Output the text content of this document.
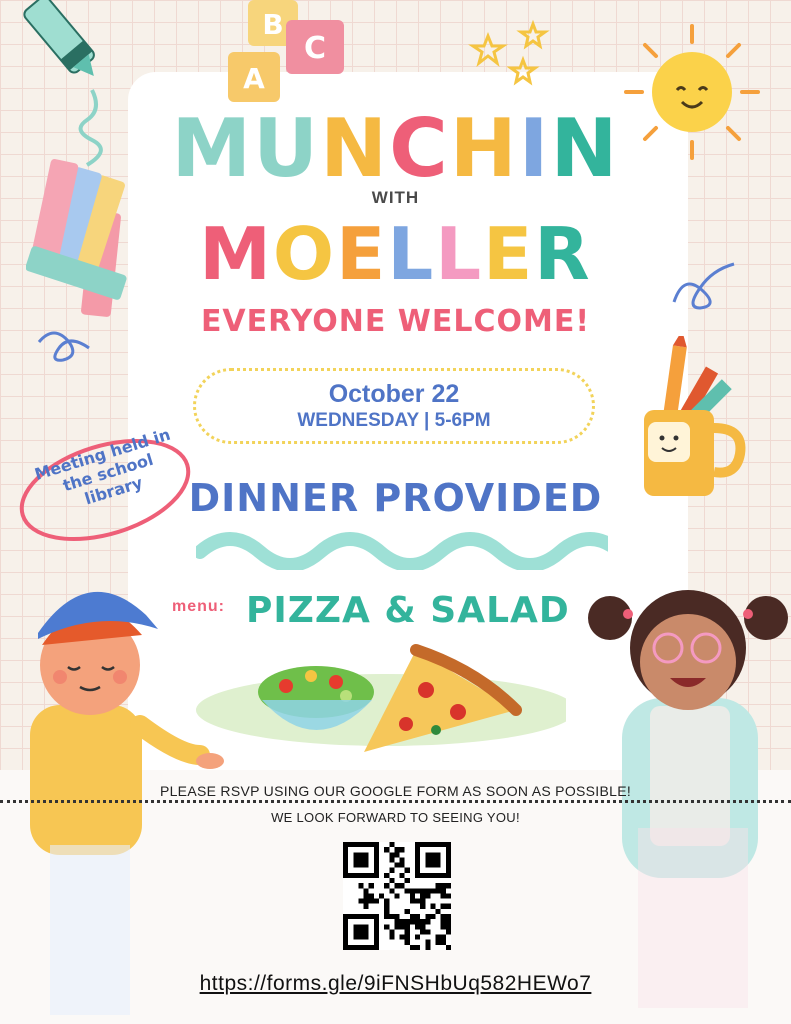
B
A
C
MUNCHIN
WITH
MOELLER
EVERYONE WELCOME!
October 22
WEDNESDAY | 5-6PM
Meeting held in the school library	DINNER PROVIDED
menu: PIZZA & SALAD
PLEASE RSVP USING OUR GOOGLE FORM AS SOON AS POSSIBLE!
WE LOOK FORWARD TO SEEING YOU!
https://forms.gle/9iFNSHbUq582HEWo7
